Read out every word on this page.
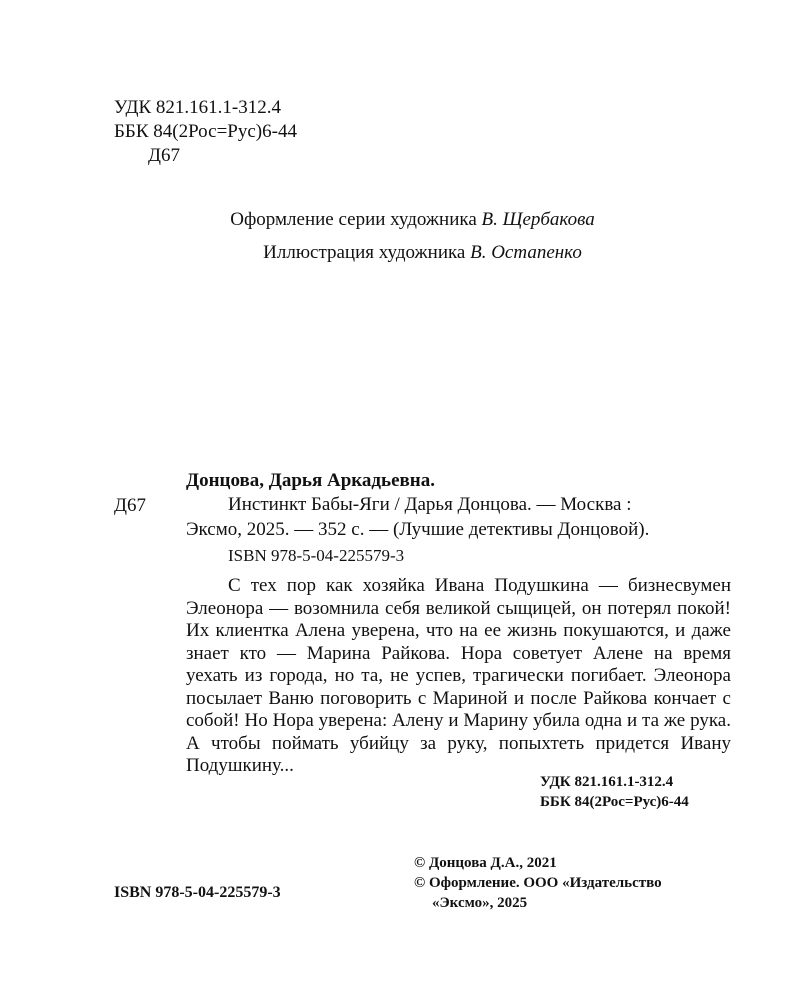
УДК 821.161.1-312.4
ББК 84(2Рос=Рус)6-44
Д67
Оформление серии художника В. Щербакова
Иллюстрация художника В. Остапенко
Донцова, Дарья Аркадьевна.
Д67	Инстинкт Бабы-Яги / Дарья Донцова. — Москва :
Эксмо, 2025. — 352 с. — (Лучшие детективы Донцовой).
ISBN 978-5-04-225579-3

С тех пор как хозяйка Ивана Подушкина — бизнесвумен Элеонора — возомнила себя великой сыщицей, он потерял покой! Их клиентка Алена уверена, что на ее жизнь покушаются, и даже знает кто — Марина Райкова. Нора советует Алене на время уехать из города, но та, не успев, трагически погибает. Элеонора посылает Ваню поговорить с Мариной и после Райкова кончает с собой! Но Нора уверена: Алену и Марину убила одна и та же рука. А чтобы поймать убийцу за руку, попыхтеть придется Ивану Подушкину...

УДК 821.161.1-312.4
ББК 84(2Рос=Рус)6-44
© Донцова Д.А., 2021
© Оформление. ООО «Издательство
«Эксмо», 2025
ISBN 978-5-04-225579-3
